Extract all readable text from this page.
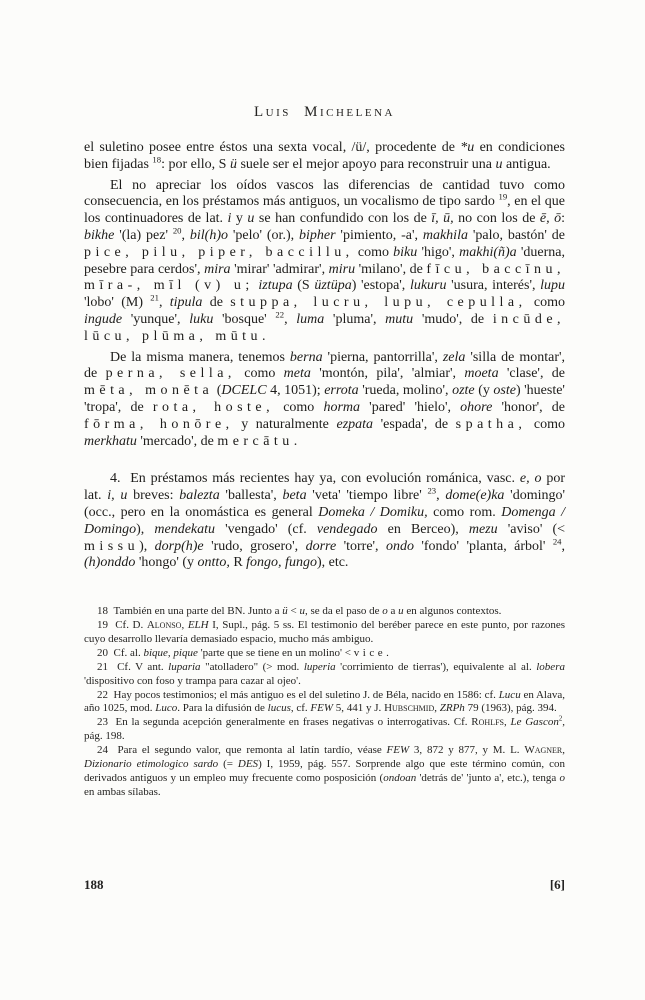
Luis Michelena

el suletino posee entre éstos una sexta vocal, /ü/, procedente de *u en condiciones bien fijadas $^{18}$: por ello, S ü suele ser el mejor apoyo para reconstruir una u antigua.

El no apreciar los oídos vascos las diferencias de cantidad tuvo como consecuencia, en los préstamos más antiguos, un vocalismo de tipo sardo $^{19}$, en el que los continuadores de lat. i y u se han confundido con los de ī, ū, no con los de ē, ō: bikhe '(la) pez' $^{20}$, bil(h)o 'pelo' (or.), bipher 'pimiento, -a', makhila 'palo, bastón' de pice, pilu, piper, baccillu, como biku 'higo', makhi(ñ)a 'duerna, pesebre para cerdos', mira 'mirar' 'admirar', miru 'milano', de fīcu, baccīnu, mīra-, mīl (v) u; iztupa (S üztüpa) 'estopa', lukuru 'usura, interés', lupu 'lobo' (M) $^{21}$, tipula de stuppa, lucru, lupu, cepulla, como ingude 'yunque', luku 'bosque' $^{22}$, luma 'pluma', mutu 'mudo', de incūde, lūcu, plūma, mūtu.

De la misma manera, tenemos berna 'pierna, pantorrilla', zela 'silla de montar', de perna, sella, como meta 'montón, pila', 'almiar', moeta 'clase', de mēta, monēta (DCELC 4, 1051); errota 'rueda, molino', ozte (y oste) 'hueste' 'tropa', de rota, hoste, como horma 'pared' 'hielo', ohore 'honor', de fōrma, honōre, y naturalmente ezpata 'espada', de spatha, como merkhatu 'mercado', de mercātu.

4.  En préstamos más recientes hay ya, con evolución románica, vasc. e, o por lat. i, u breves: balezta 'ballesta', beta 'veta' 'tiempo libre' $^{23}$, dome(e)ka 'domingo' (occ., pero en la onomástica es general Domeka / Domiku, como rom. Domenga / Domingo), mendekatu 'vengado' (cf. vendegado en Berceo), mezu 'aviso' (< missu), dorp(h)e 'rudo, grosero', dorre 'torre', ondo 'fondo' 'planta, árbol' $^{24}$, (h)onddo 'hongo' (y ontto, R fongo, fungo), etc.

18  También en una parte del BN. Junto a ü < u, se da el paso de o a u en algunos contextos.

19  Cf. D. Alonso, ELH I, Supl., pág. 5 ss. El testimonio del beréber parece en este punto, por razones cuyo desarrollo llevaría demasiado espacio, mucho más ambiguo.

20  Cf. al. bique, pique 'parte que se tiene en un molino' < vice.

21  Cf. V ant. luparia "atolladero" (> mod. luperia 'corrimiento de tierras'), equivalente al al. lobera 'dispositivo con foso y trampa para cazar al ojeo'.

22  Hay pocos testimonios; el más antiguo es el del suletino J. de Béla, nacido en 1586: cf. Lucu en Alava, año 1025, mod. Luco. Para la difusión de lucus, cf. FEW 5, 441 y J. Hubschmid, ZRPh 79 (1963), pág. 394.

23  En la segunda acepción generalmente en frases negativas o interrogativas. Cf. Rohlfs, Le Gascon$^2$, pág. 198.

24  Para el segundo valor, que remonta al latín tardío, véase FEW 3, 872 y 877, y M. L. Wagner, Dizionario etimologico sardo (= DES) I, 1959, pág. 557. Sorprende algo que este término común, con derivados antiguos y un empleo muy frecuente como posposición (ondoan 'detrás de' 'junto a', etc.), tenga o en ambas sílabas.

188	[6]
